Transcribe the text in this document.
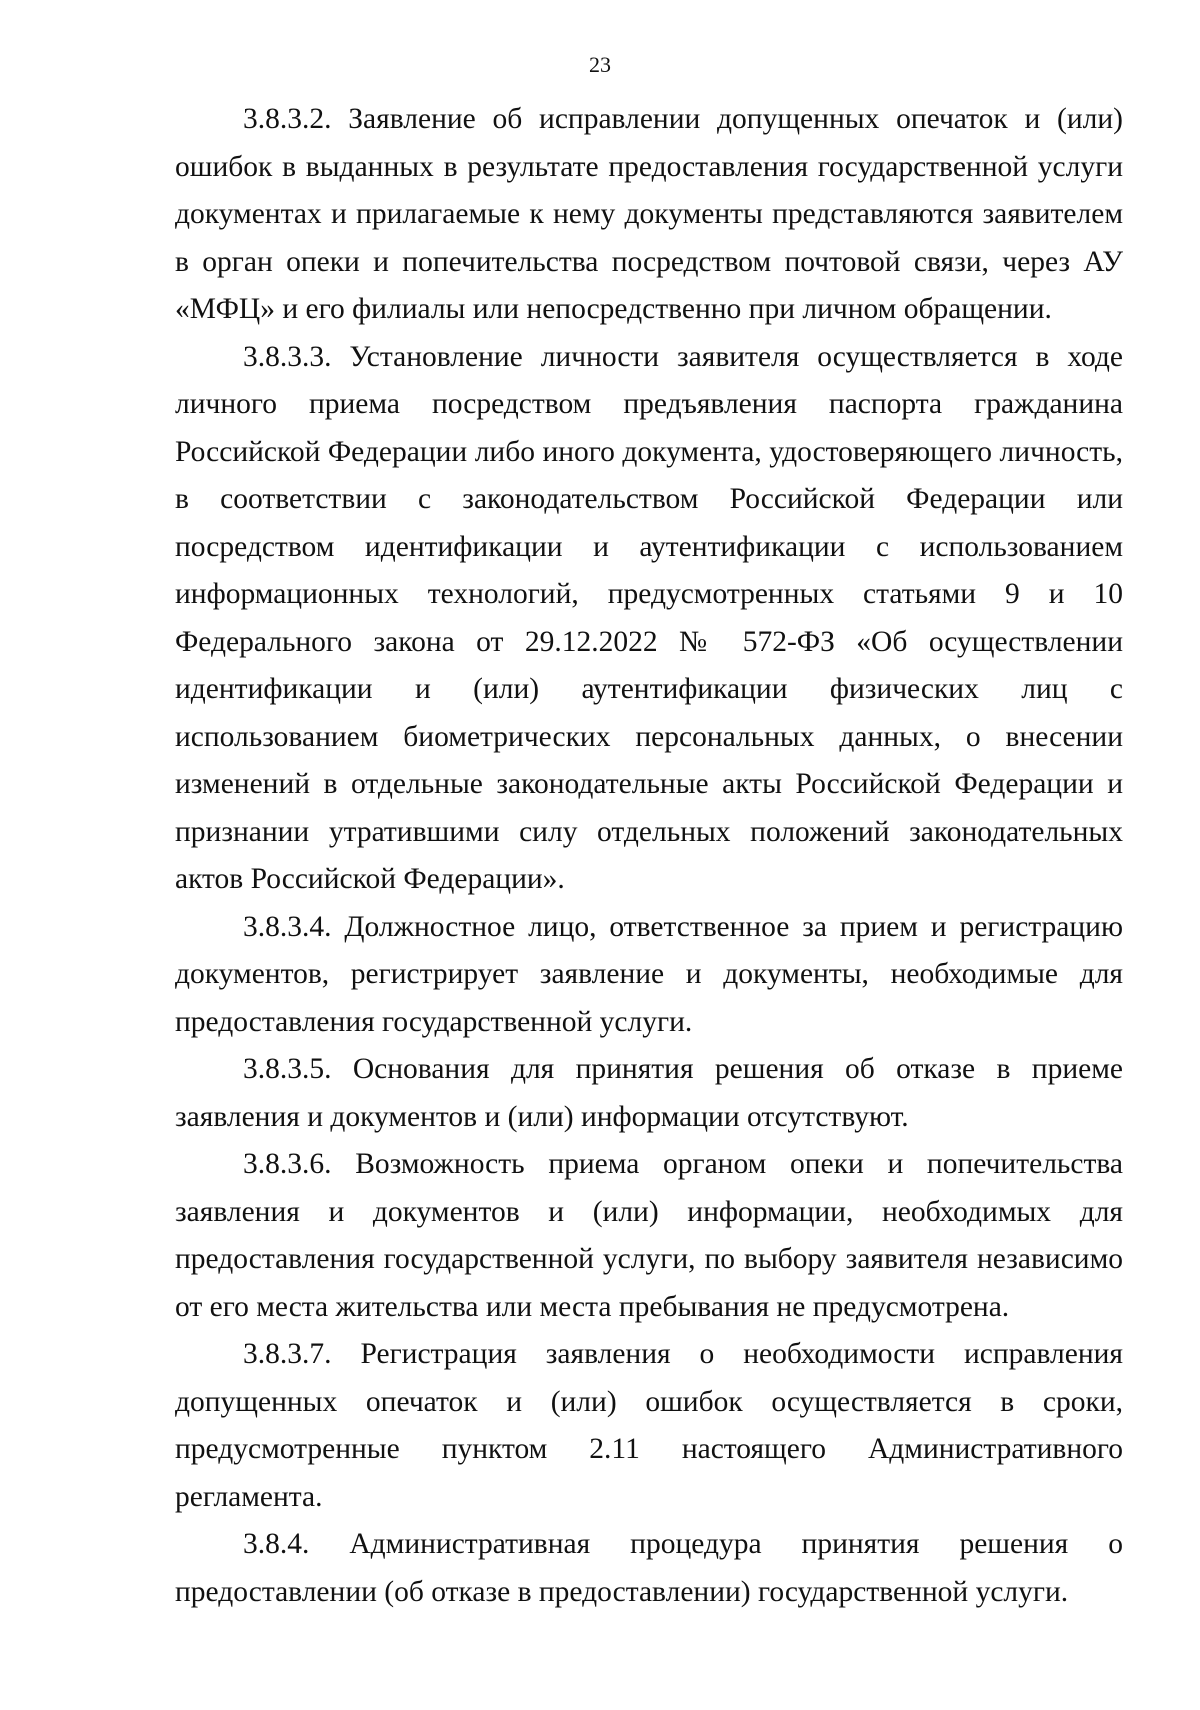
23

3.8.3.2. Заявление об исправлении допущенных опечаток и (или) ошибок в выданных в результате предоставления государственной услуги документах и прилагаемые к нему документы представляются заявителем в орган опеки и попечительства посредством почтовой связи, через АУ «МФЦ» и его филиалы или непосредственно при личном обращении.

3.8.3.3. Установление личности заявителя осуществляется в ходе личного приема посредством предъявления паспорта гражданина Российской Федерации либо иного документа, удостоверяющего личность, в соответствии с законодательством Российской Федерации или посредством идентификации и аутентификации с использованием информационных технологий, предусмотренных статьями 9 и 10 Федерального закона от 29.12.2022 № 572-ФЗ «Об осуществлении идентификации и (или) аутентификации физических лиц с использованием биометрических персональных данных, о внесении изменений в отдельные законодательные акты Российской Федерации и признании утратившими силу отдельных положений законодательных актов Российской Федерации».

3.8.3.4. Должностное лицо, ответственное за прием и регистрацию документов, регистрирует заявление и документы, необходимые для предоставления государственной услуги.

3.8.3.5. Основания для принятия решения об отказе в приеме заявления и документов и (или) информации отсутствуют.

3.8.3.6. Возможность приема органом опеки и попечительства заявления и документов и (или) информации, необходимых для предоставления государственной услуги, по выбору заявителя независимо от его места жительства или места пребывания не предусмотрена.

3.8.3.7. Регистрация заявления о необходимости исправления допущенных опечаток и (или) ошибок осуществляется в сроки, предусмотренные пунктом 2.11 настоящего Административного регламента.

3.8.4. Административная процедура принятия решения о предоставлении (об отказе в предоставлении) государственной услуги.
